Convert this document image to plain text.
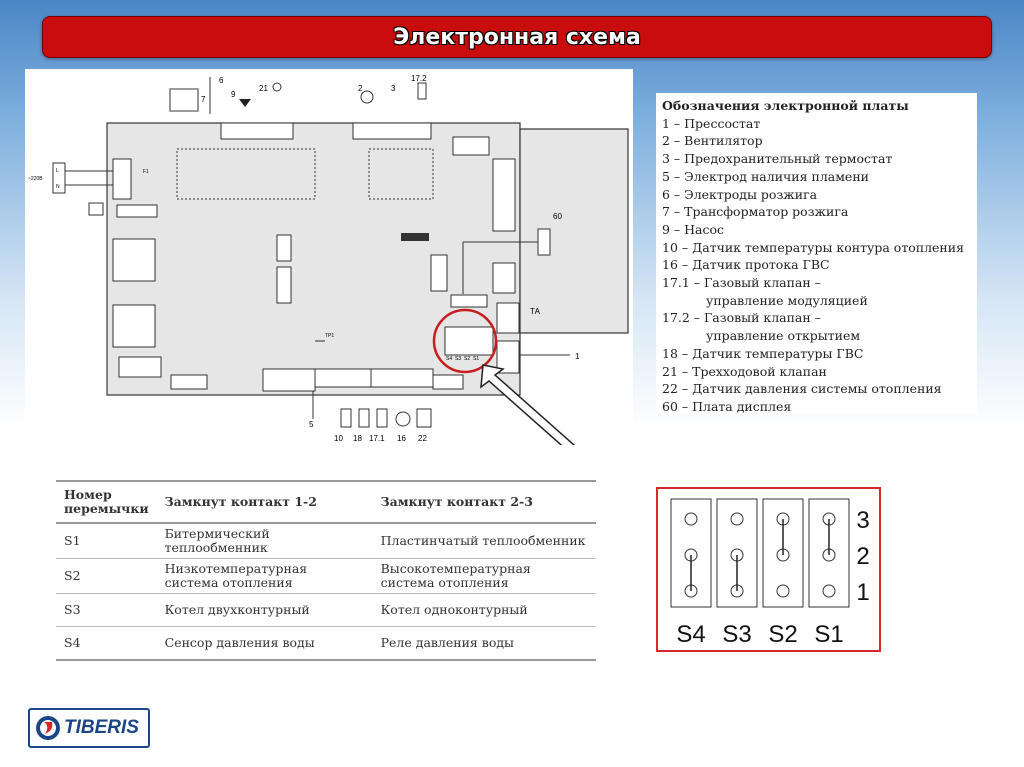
Электронная схема
60
6
7
9
21	2	3
17.2
~220В
L
N
F1
ТА
1
S4 S3 S2 S1
TP1
5
10 18 17.1 16 22
Обозначения электронной платы
1 – Прессостат
2 – Вентилятор
3 – Предохранительный термостат
5 – Электрод наличия пламени
6 – Электроды розжига
7 – Трансформатор розжига
9 – Насос
10 – Датчик температуры контура отопления
16 – Датчик протока ГВС
17.1 – Газовый клапан –
управление модуляцией
17.2 – Газовый клапан –
управление открытием
18 – Датчик температуры ГВС
21 – Трехходовой клапан
22 – Датчик давления системы отопления
60 – Плата дисплея
Номер перемычки	Замкнут контакт 1-2	Замкнут контакт 2-3
S1	Битермический теплообменник	Пластинчатый теплообменник
S2	Низкотемпературная система отопления	Высокотемпературная система отопления
S3	Котел двухконтурный	Котел одноконтурный
S4	Сенсор давления воды	Реле давления воды	S4 S3 S2 S1
3
2
1
TIBERIS
